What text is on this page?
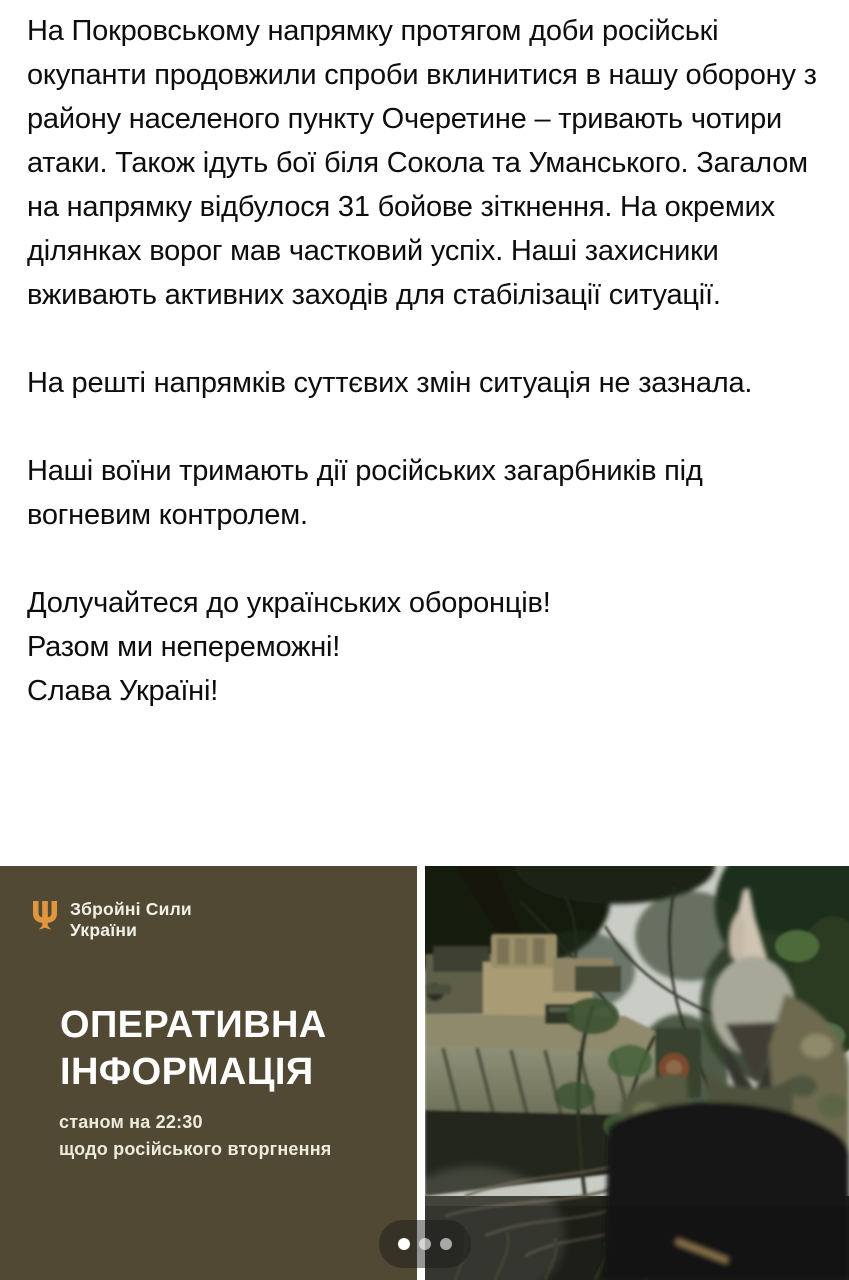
На Покровському напрямку протягом доби російські окупанти продовжили спроби вклинитися в нашу оборону з району населеного пункту Очеретине – тривають чотири атаки. Також ідуть бої біля Сокола та Уманського. Загалом на напрямку відбулося 31 бойове зіткнення. На окремих ділянках ворог мав частковий успіх. Наші захисники вживають активних заходів для стабілізації ситуації.

На решті напрямків суттєвих змін ситуація не зазнала.

Наші воїни тримають дії російських загарбників під вогневим контролем.

Долучайтеся до українських оборонців!
Разом ми непереможні!
Слава Україні!

Збройні Сили
України
ОПЕРАТИВНА
ІНФОРМАЦІЯ
станом на 22:30
щодо російського вторгнення
